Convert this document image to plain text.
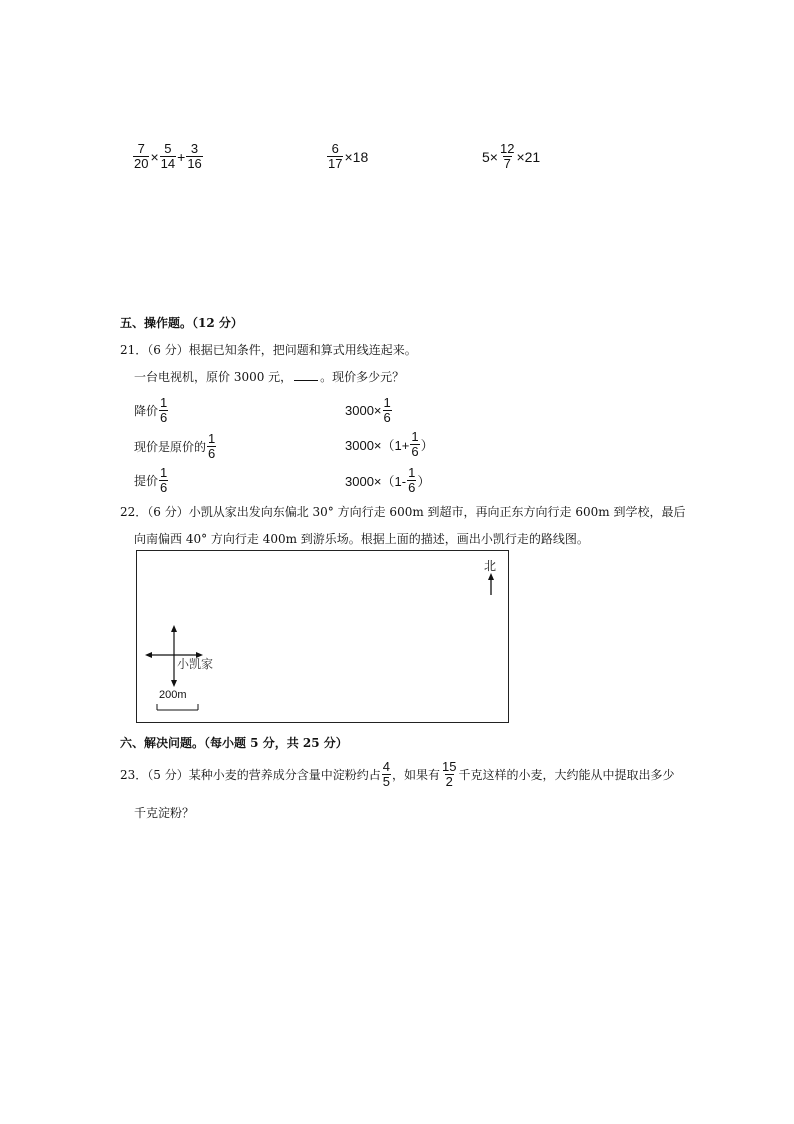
$\frac{7}{20} \times \frac{5}{14} + \frac{3}{16}$	$\frac{6}{17} \times 18$	$5 \times \frac{12}{7} \times 21$
五、操作题。（12 分）
21．（6 分）根据已知条件，把问题和算式用线连起来。
一台电视机，原价 3000 元， 。现价多少元？
降价 $\frac{1}{6}$
现价是原价的 $\frac{1}{6}$
提价 $\frac{1}{6}$
$3000\times \frac{1}{6}$
$3000\times(1+ \frac{1}{6}$ ）
$3000\times(1- \frac{1}{6}$ ）
22．（6 分）小凯从家出发向东偏北 30° 方向行走 600m 到超市，再向正东方向行走 600m 到学校，最后
向南偏西 40° 方向行走 400m 到游乐场。根据上面的描述，画出小凯行走的路线图。
北
小凯家
200m
六、解决问题。（每小题 5 分，共 25 分）
23．（5 分）某种小麦的营养成分含量中淀粉约占 $\frac{4}{5}$ ，如果有 $\frac{15}{2}$ 千克这样的小麦，大约能从中提取出多少
千克淀粉？
